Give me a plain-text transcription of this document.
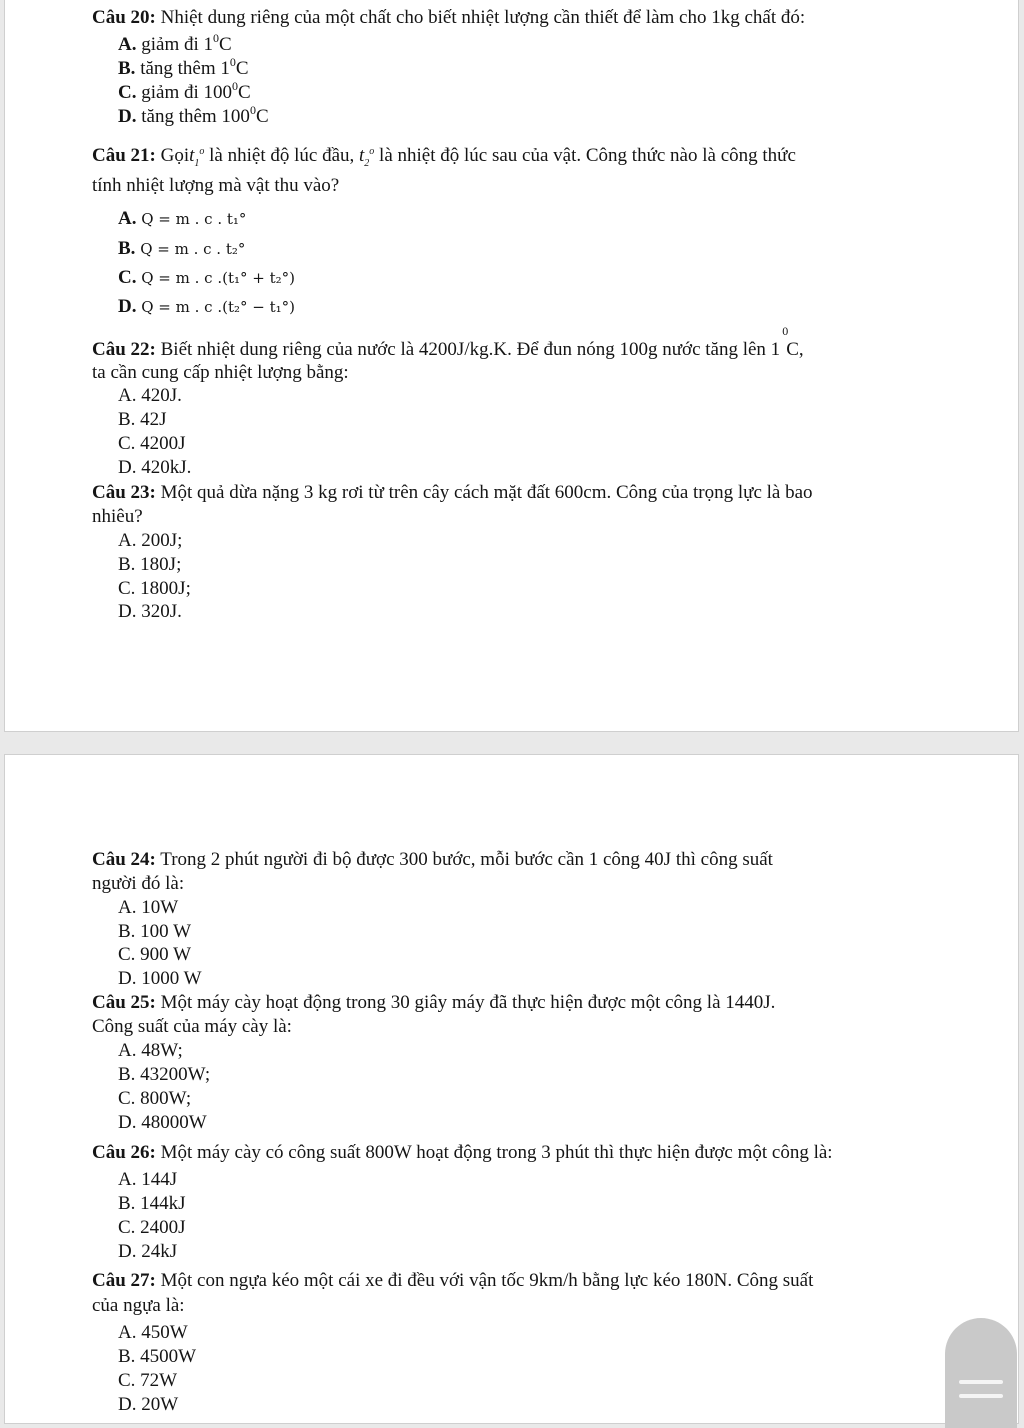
Câu 20: Nhiệt dung riêng của một chất cho biết nhiệt lượng cần thiết để làm cho 1kg chất đó:
A. giảm đi $1^0C$
B. tăng thêm $1^0C$
C. giảm đi $100^0C$
D. tăng thêm $100^0C$
Câu 21: Gọit$_1^o$ là nhiệt độ lúc đầu, $t_2^o$ là nhiệt độ lúc sau của vật. Công thức nào là công thức
tính nhiệt lượng mà vật thu vào?
A. Q = m . c . t₁°
B. Q = m . c . t₂°
C. Q = m . c .(t₁° + t₂°)
D. Q = m . c .(t₂° − t₁°)
Câu 22: Biết nhiệt dung riêng của nước là 4200J/kg.K. Để đun nóng 100g nước tăng lên 1
0
C,
ta cần cung cấp nhiệt lượng bằng:
A. 420J.
B. 42J
C. 4200J
D. 420kJ.
Câu 23: Một quả dừa nặng 3 kg rơi từ trên cây cách mặt đất 600cm. Công của trọng lực là bao
nhiêu?
A. 200J;
B. 180J;
C. 1800J;
D. 320J.
Câu 24: Trong 2 phút người đi bộ được 300 bước, mỗi bước cần 1 công 40J thì công suất
người đó là:
A. 10W
B. 100 W
C. 900 W
D. 1000 W
Câu 25: Một máy cày hoạt động trong 30 giây máy đã thực hiện được một công là 1440J.
Công suất của máy cày là:
A. 48W;
B. 43200W;
C. 800W;
D. 48000W
Câu 26: Một máy cày có công suất 800W hoạt động trong 3 phút thì thực hiện được một công là:
A. 144J
B. 144kJ
C. 2400J
D. 24kJ
Câu 27: Một con ngựa kéo một cái xe đi đều với vận tốc 9km/h bằng lực kéo 180N. Công suất
của ngựa là:
A. 450W
B. 4500W
C. 72W
D. 20W
